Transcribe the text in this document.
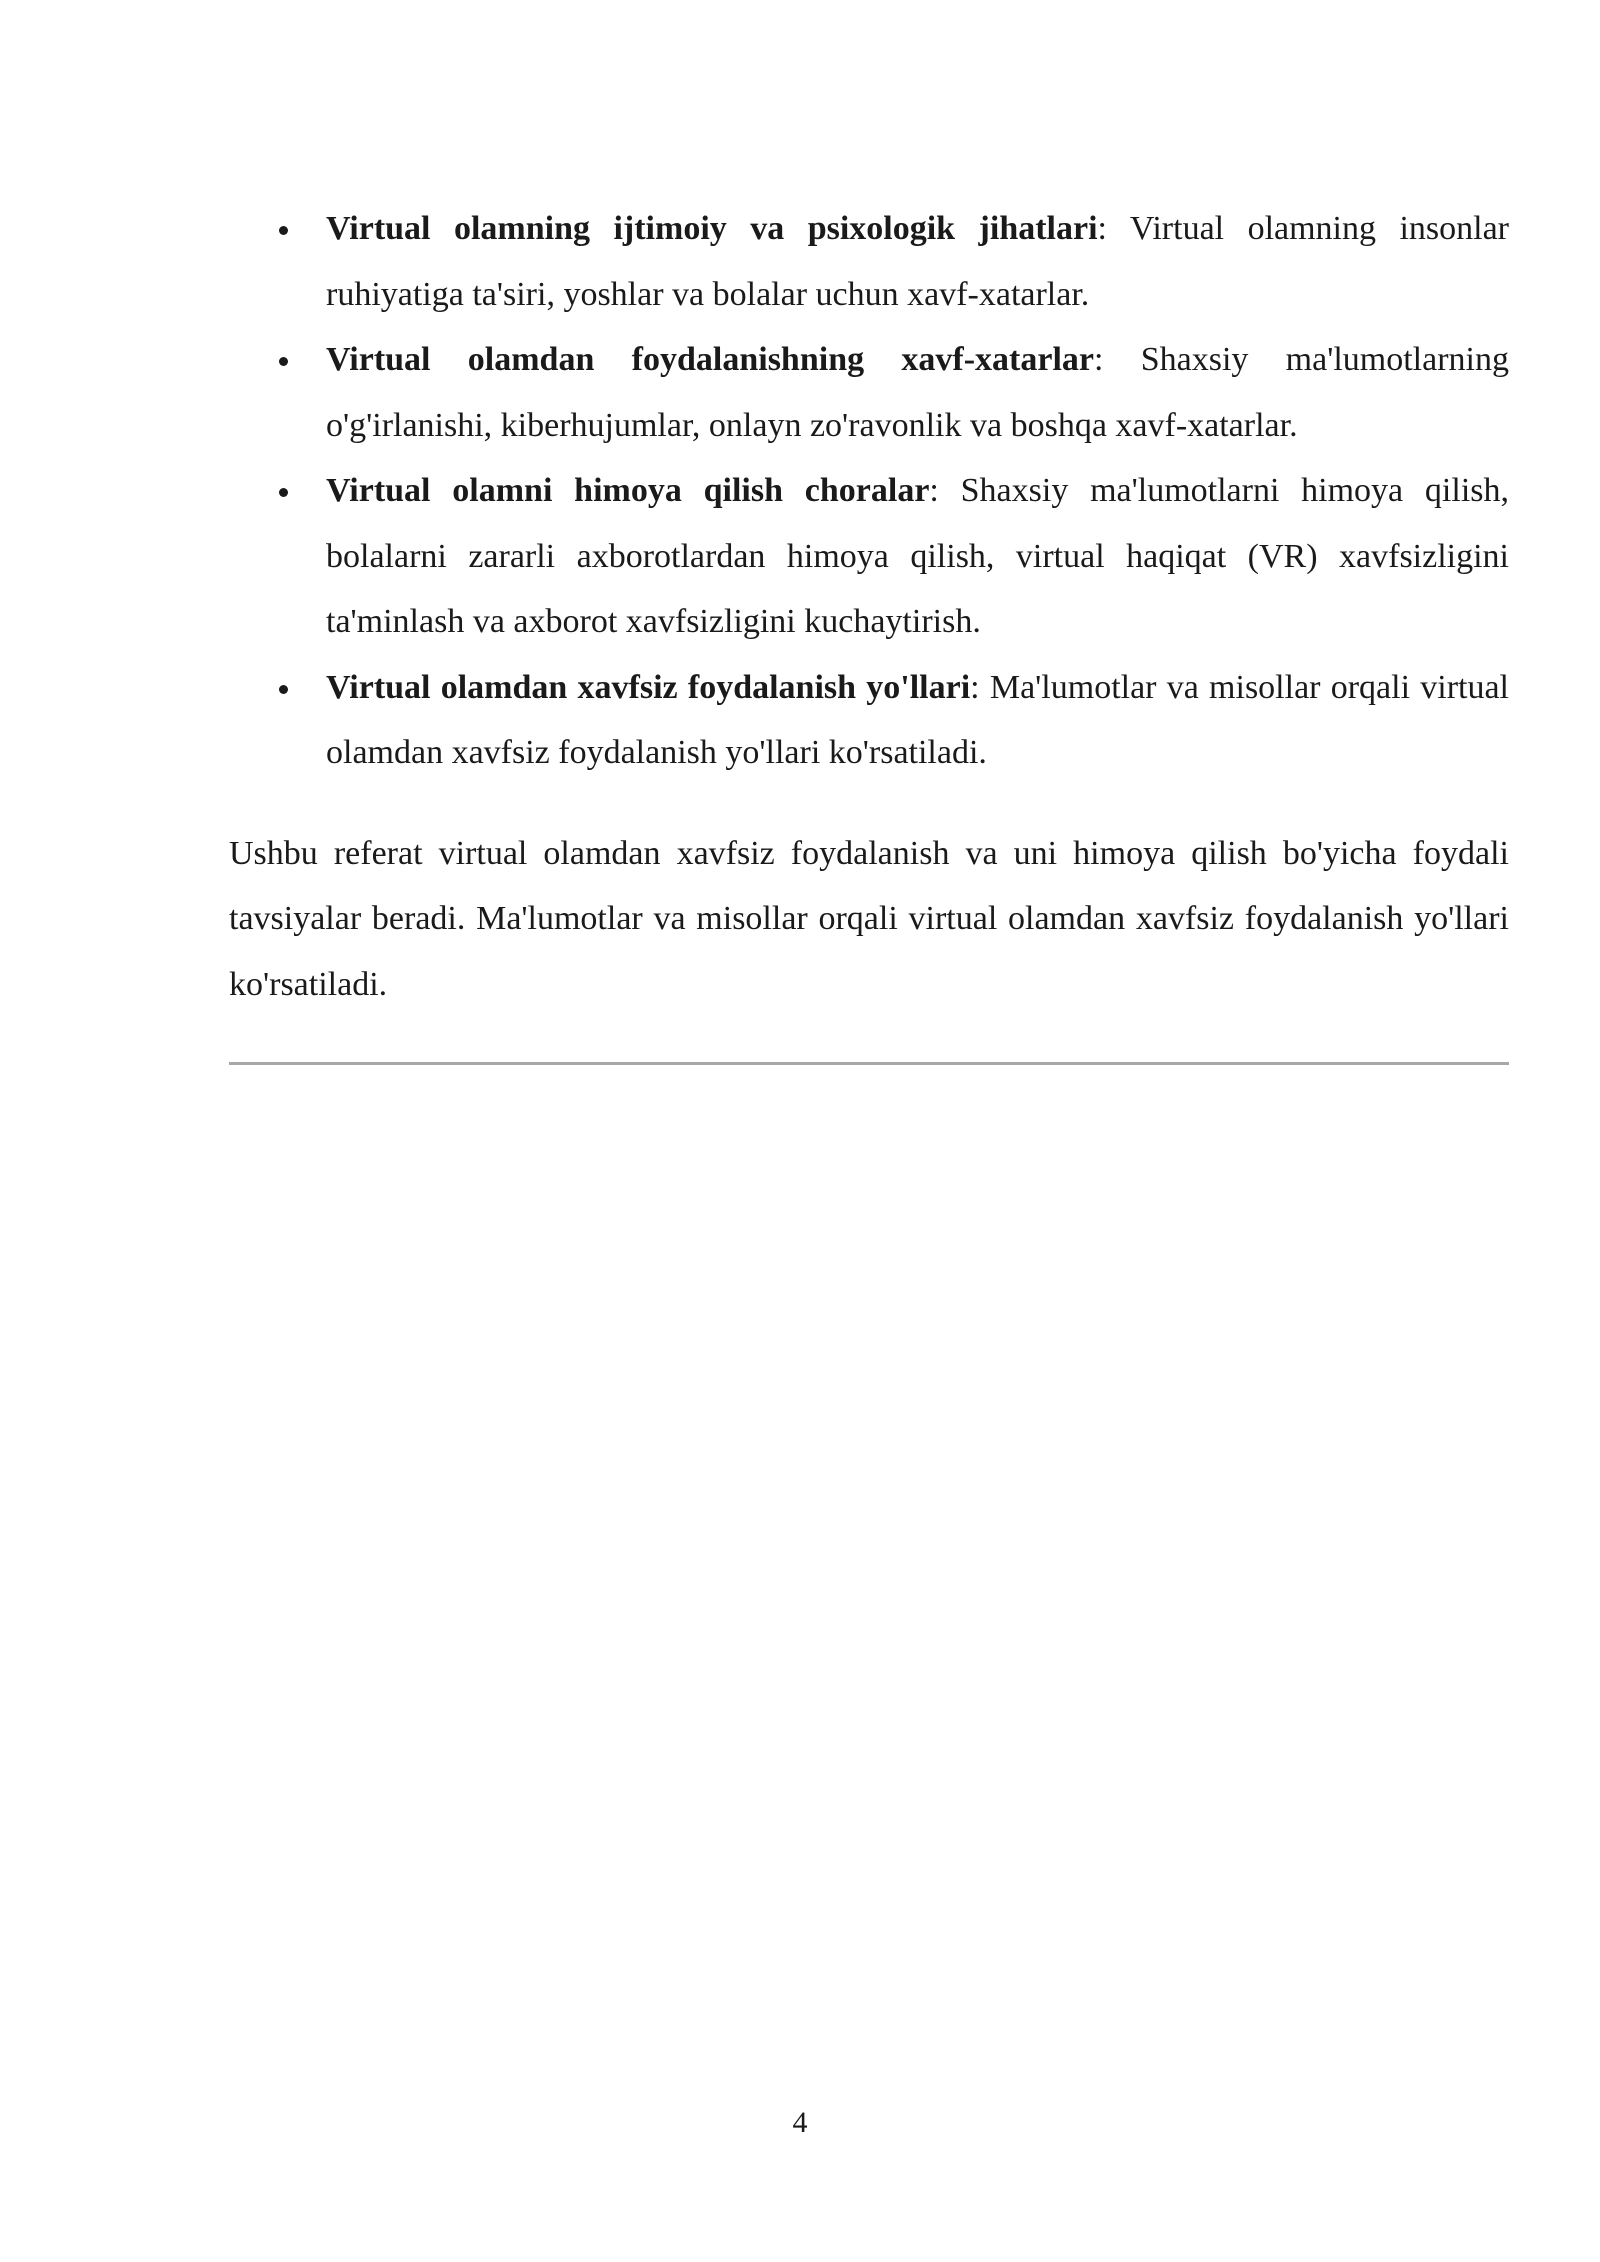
Virtual olamning ijtimoiy va psixologik jihatlari: Virtual olamning insonlar ruhiyatiga ta'siri, yoshlar va bolalar uchun xavf-xatarlar.
Virtual olamdan foydalanishning xavf-xatarlar: Shaxsiy ma'lumotlarning o'g'irlanishi, kiberhujumlar, onlayn zo'ravonlik va boshqa xavf-xatarlar.
Virtual olamni himoya qilish choralar: Shaxsiy ma'lumotlarni himoya qilish, bolalarni zararli axborotlardan himoya qilish, virtual haqiqat (VR) xavfsizligini ta'minlash va axborot xavfsizligini kuchaytirish.
Virtual olamdan xavfsiz foydalanish yo'llari: Ma'lumotlar va misollar orqali virtual olamdan xavfsiz foydalanish yo'llari ko'rsatiladi.

Ushbu referat virtual olamdan xavfsiz foydalanish va uni himoya qilish bo'yicha foydali tavsiyalar beradi. Ma'lumotlar va misollar orqali virtual olamdan xavfsiz foydalanish yo'llari ko'rsatiladi.

4
